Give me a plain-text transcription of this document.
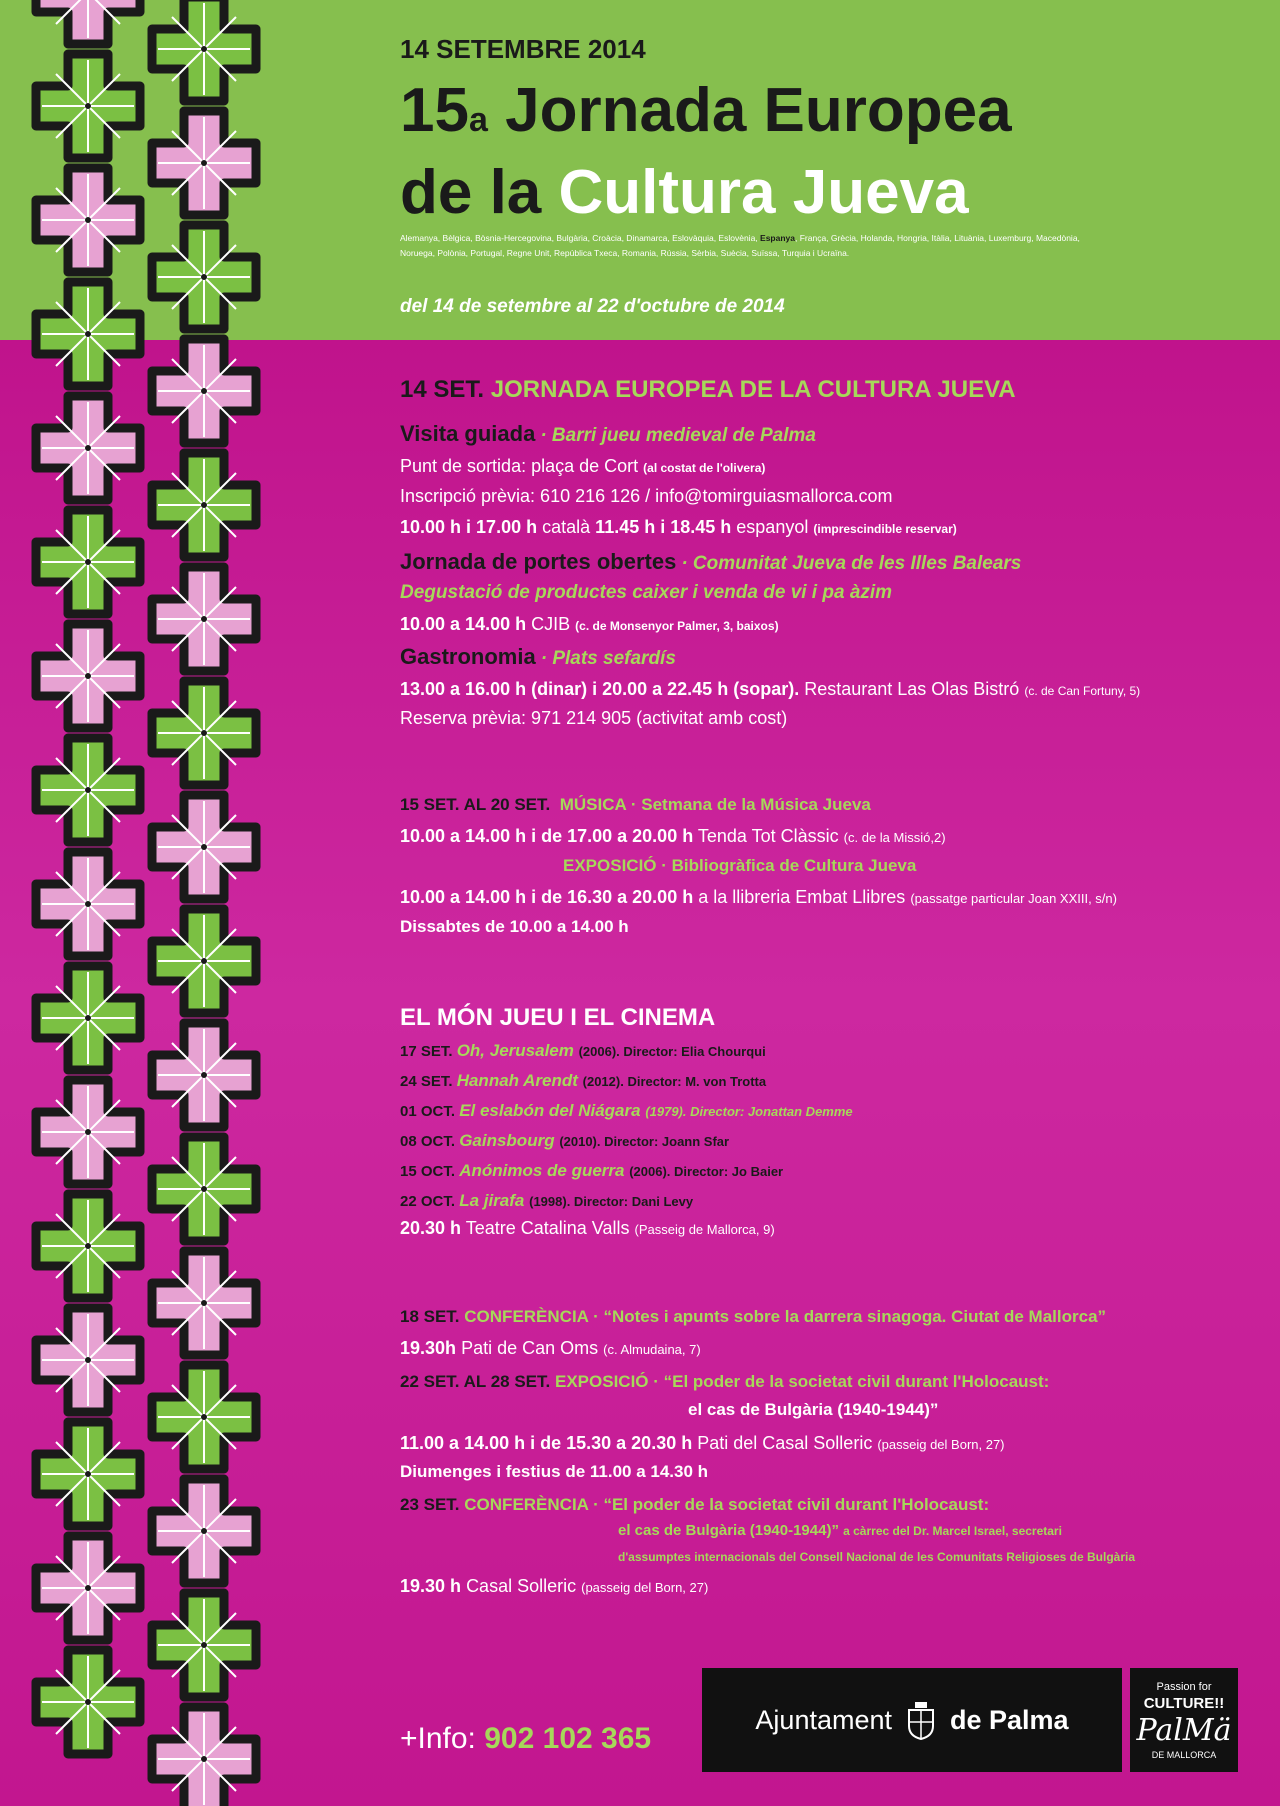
14 SETEMBRE 2014
15a Jornada Europea
de la Cultura Jueva
Alemanya, Bèlgica, Bòsnia-Hercegovina, Bulgària, Croàcia, Dinamarca, Eslovàquia, Eslovènia, Espanya, França, Grècia, Holanda, Hongria, Itàlia, Lituània, Luxemburg, Macedònia, Noruega, Polònia, Portugal, Regne Unit, República Txeca, Romania, Rússia, Sèrbia, Suècia, Suïssa, Turquia i Ucraïna.
del 14 de setembre al 22 d'octubre de 2014
14 SET. JORNADA EUROPEA DE LA CULTURA JUEVA
Visita guiada · Barri jueu medieval de Palma
Punt de sortida: plaça de Cort (al costat de l'olivera)
Inscripció prèvia: 610 216 126 / info@tomirguiasmallorca.com
10.00 h i 17.00 h català 11.45 h i 18.45 h espanyol (imprescindible reservar)
Jornada de portes obertes · Comunitat Jueva de les Illes Balears
Degustació de productes caixer i venda de vi i pa àzim
10.00 a 14.00 h CJIB (c. de Monsenyor Palmer, 3, baixos)
Gastronomia · Plats sefardís
13.00 a 16.00 h (dinar) i 20.00 a 22.45 h (sopar). Restaurant Las Olas Bistró (c. de Can Fortuny, 5)
Reserva prèvia: 971 214 905 (activitat amb cost)
15 SET. AL 20 SET. MÚSICA · Setmana de la Música Jueva
10.00 a 14.00 h i de 17.00 a 20.00 h Tenda Tot Clàssic (c. de la Missió,2)
EXPOSICIÓ · Bibliogràfica de Cultura Jueva
10.00 a 14.00 h i de 16.30 a 20.00 h a la llibreria Embat Llibres (passatge particular Joan XXIII, s/n)
Dissabtes de 10.00 a 14.00 h
EL MÓN JUEU I EL CINEMA
17 SET. Oh, Jerusalem (2006). Director: Elia Chourqui
24 SET. Hannah Arendt (2012). Director: M. von Trotta
01 OCT. El eslabón del Niágara (1979). Director: Jonattan Demme
08 OCT. Gainsbourg (2010). Director: Joann Sfar
15 OCT. Anónimos de guerra (2006). Director: Jo Baier
22 OCT. La jirafa (1998). Director: Dani Levy
20.30 h Teatre Catalina Valls (Passeig de Mallorca, 9)
18 SET. CONFERÈNCIA · “Notes i apunts sobre la darrera sinagoga. Ciutat de Mallorca”
19.30h Pati de Can Oms (c. Almudaina, 7)
22 SET. AL 28 SET. EXPOSICIÓ · “El poder de la societat civil durant l'Holocaust:
el cas de Bulgària (1940-1944)”
11.00 a 14.00 h i de 15.30 a 20.30 h Pati del Casal Solleric (passeig del Born, 27)
Diumenges i festius de 11.00 a 14.30 h
23 SET. CONFERÈNCIA · “El poder de la societat civil durant l'Holocaust:
el cas de Bulgària (1940-1944)” a càrrec del Dr. Marcel Israel, secretari
d'assumptes internacionals del Consell Nacional de les Comunitats Religioses de Bulgària
19.30 h Casal Solleric (passeig del Born, 27)
+Info: 902 102 365
Ajuntament de Palma
Passion for
CULTURE!!
PalMä
DE MALLORCA
